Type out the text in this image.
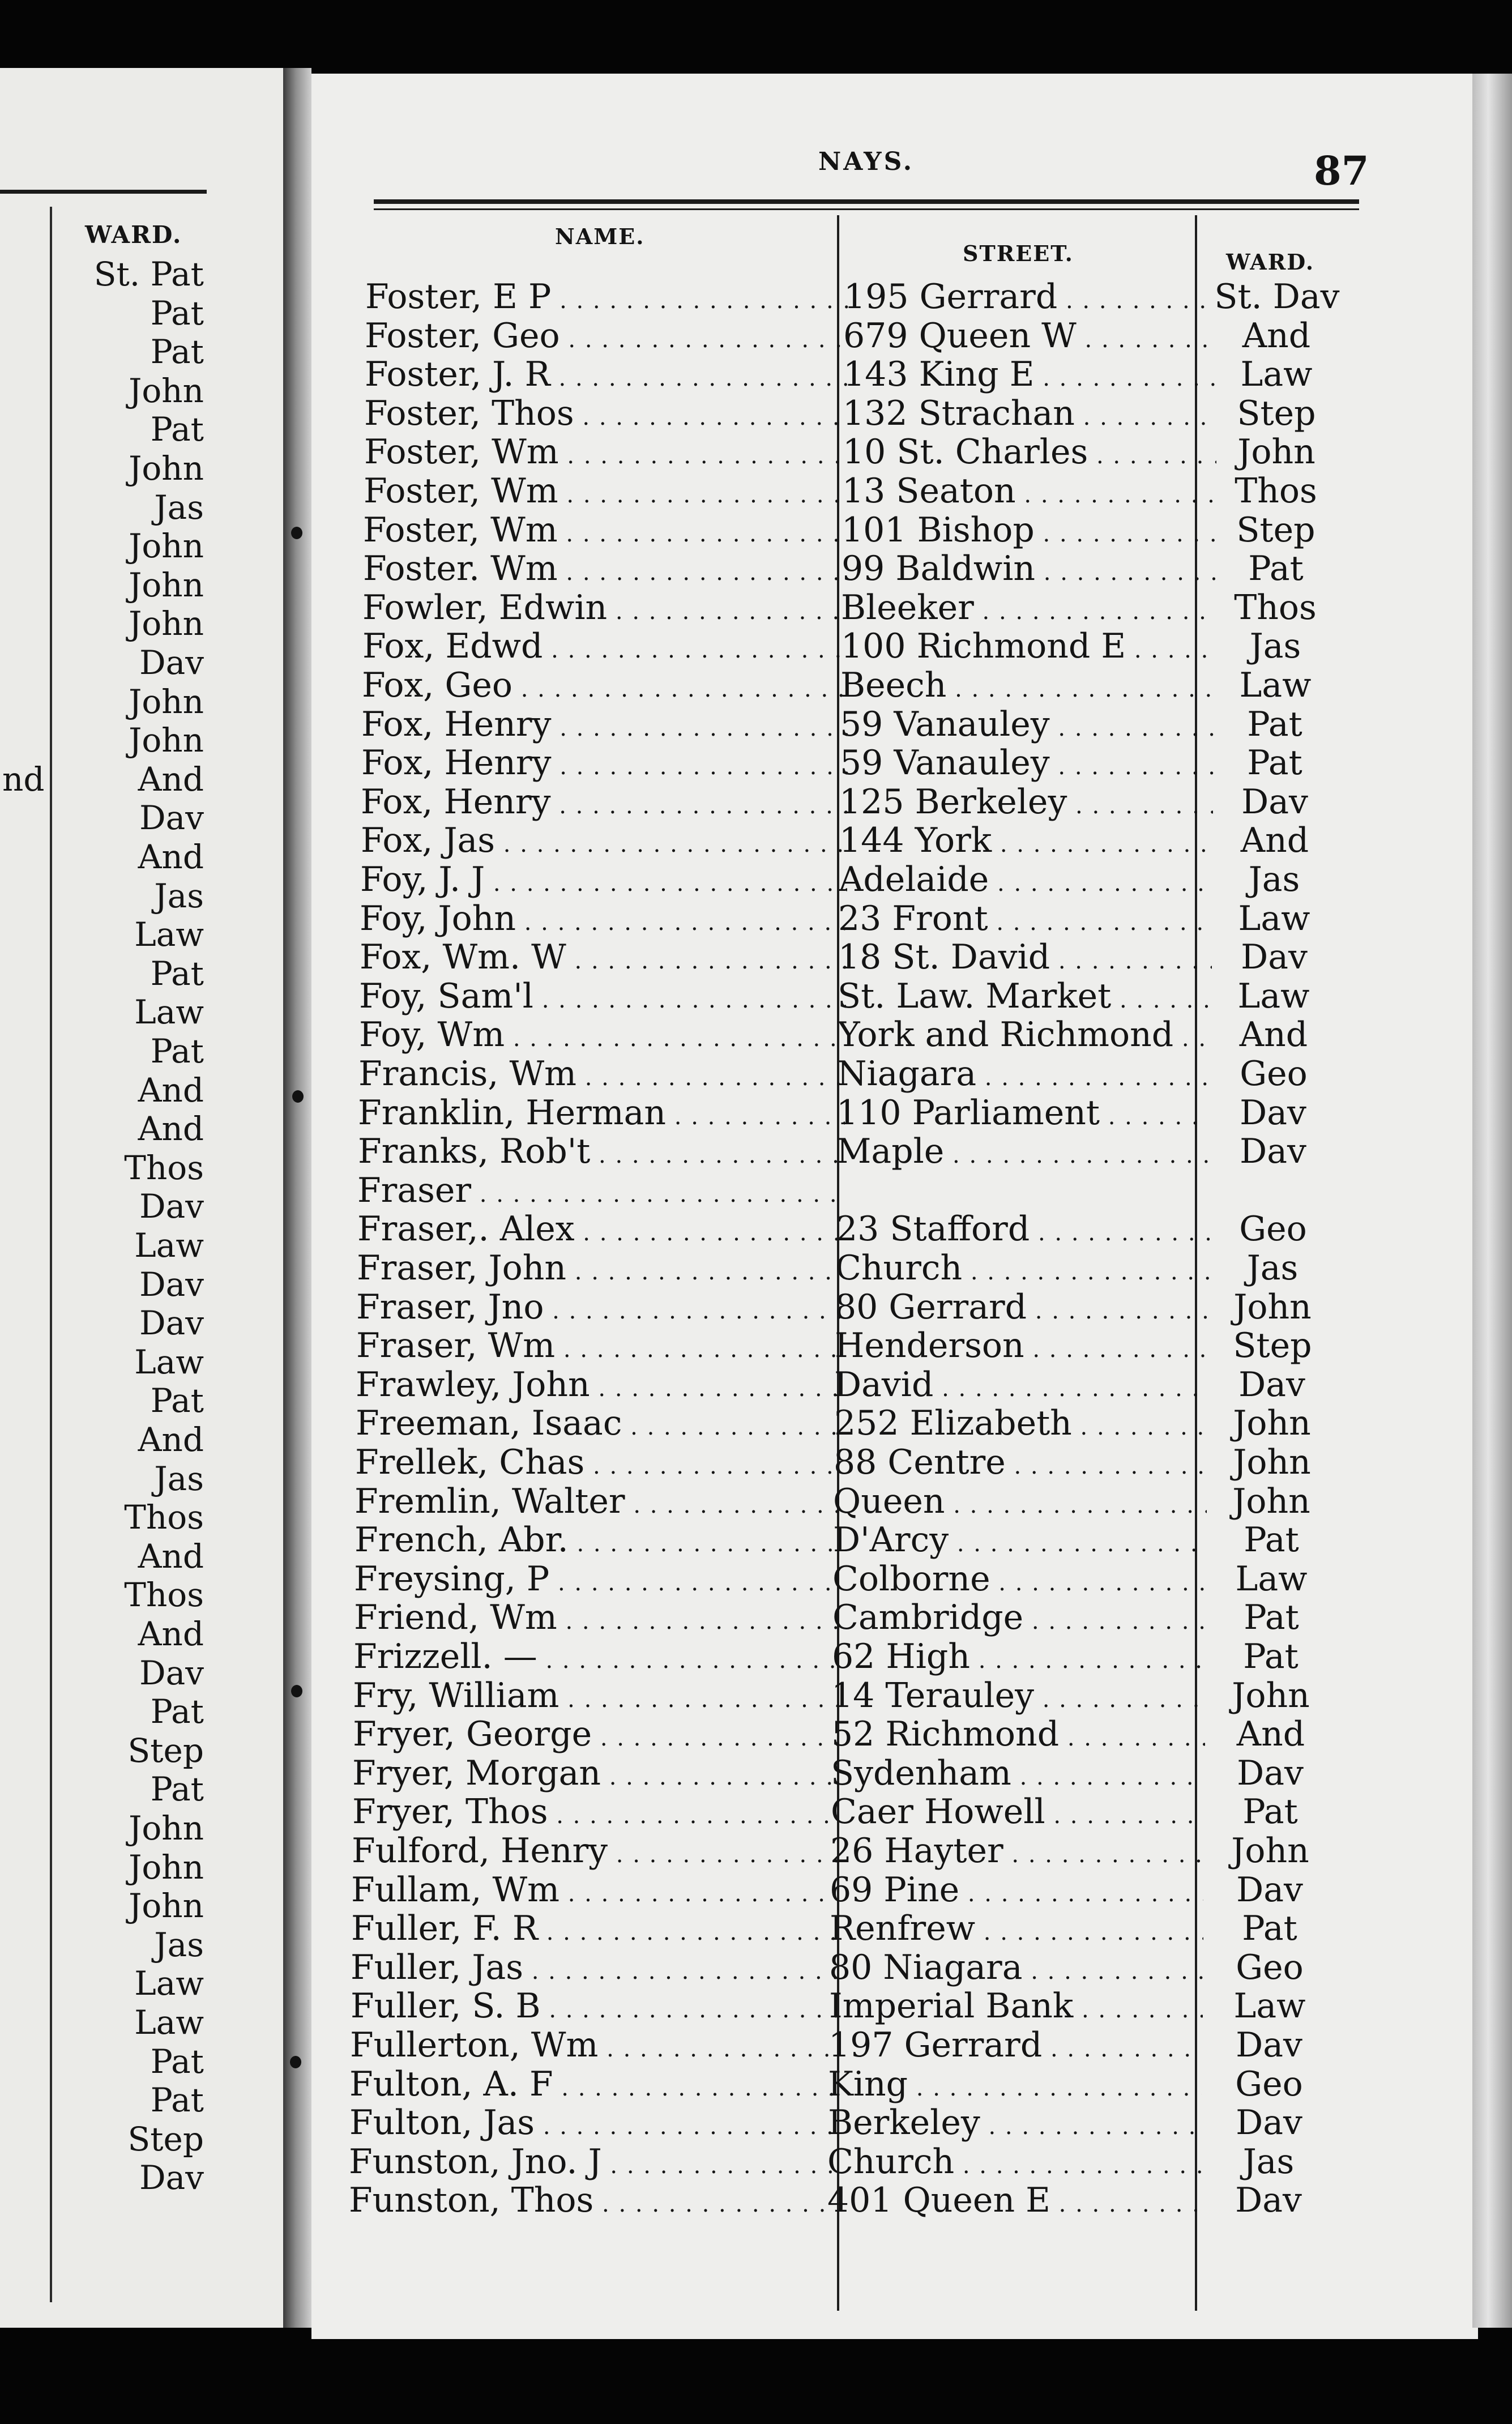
WARD.
St. Pat
Pat
Pat
John
Pat
John
Jas
John
John
John
Dav
John
John
And
Dav
And
Jas
Law
Pat
Law
Pat
And
And
Thos
Dav
Law
Dav
Dav
Law
Pat
And
Jas
Thos
And
Thos
And
Dav
Pat
Step
Pat
John
John
John
Jas
Law
Law
Pat
Pat
Step
Dav
nd
NAYS.	87
NAME.
STREET.	WARD.
Foster, E P . . .	195 Gerrard . . .	St. Dav
Foster, Geo . . .	679 Queen W . . .	And
Foster, J. R . . .	143 King E . . .	Law
Foster, Thos . . .	132 Strachan . . .	Step
Foster, Wm . . .	10 St. Charles . . .	John
Foster, Wm . . .	13 Seaton . . .	Thos
Foster, Wm . . .	101 Bishop . . .	Step
Foster. Wm . . .	99 Baldwin . . .	Pat
Fowler, Edwin . . .	Bleeker . . .	Thos
Fox, Edwd . . .	100 Richmond E . . .	Jas
Fox, Geo . . .	Beech . . .	Law
Fox, Henry . . .	59 Vanauley . . .	Pat
Fox, Henry . . .	59 Vanauley . . .	Pat
Fox, Henry . . .	125 Berkeley . . .	Dav
Fox, Jas . . .	144 York . . .	And
Foy, J. J . . .	Adelaide . . .	Jas
Foy, John . . .	23 Front . . .	Law
Fox, Wm. W . . .	18 St. David . . .	Dav
Foy, Sam'l . . .	St. Law. Market . . .	Law
Foy, Wm . . .	York and Richmond . . .	And
Francis, Wm . . .	Niagara . . .	Geo
Franklin, Herman . . .	110 Parliament . . .	Dav
Franks, Rob't . . .	Maple . . .	Dav
Fraser . . .
Fraser,. Alex . . .	23 Stafford . . .	Geo
Fraser, John . . .	Church . . .	Jas
Fraser, Jno . . .	80 Gerrard . . .	John
Fraser, Wm . . .	Henderson . . .	Step
Frawley, John . . .	David . . .	Dav
Freeman, Isaac . . .	252 Elizabeth . . .	John
Frellek, Chas . . .	88 Centre . . .	John
Fremlin, Walter . . .	Queen . . .	John
French, Abr. . . .	D'Arcy . . .	Pat
Freysing, P . . .	Colborne . . .	Law
Friend, Wm . . .	Cambridge . . .	Pat
Frizzell. — . . .	62 High . . .	Pat
Fry, William . . .	14 Terauley . . .	John
Fryer, George . . .	52 Richmond . . .	And
Fryer, Morgan . . .	Sydenham . . .	Dav
Fryer, Thos . . .	Caer Howell . . .	Pat
Fulford, Henry . . .	26 Hayter . . .	John
Fullam, Wm . . .	69 Pine . . .	Dav
Fuller, F. R . . .	Renfrew . . .	Pat
Fuller, Jas . . .	80 Niagara . . .	Geo
Fuller, S. B . . .	Imperial Bank . . .	Law
Fullerton, Wm . . .	197 Gerrard . . .	Dav
Fulton, A. F . . .	King . . .	Geo
Fulton, Jas . . .	Berkeley . . .	Dav
Funston, Jno. J . . .	Church . . .	Jas
Funston, Thos . . .	401 Queen E . . .	Dav
